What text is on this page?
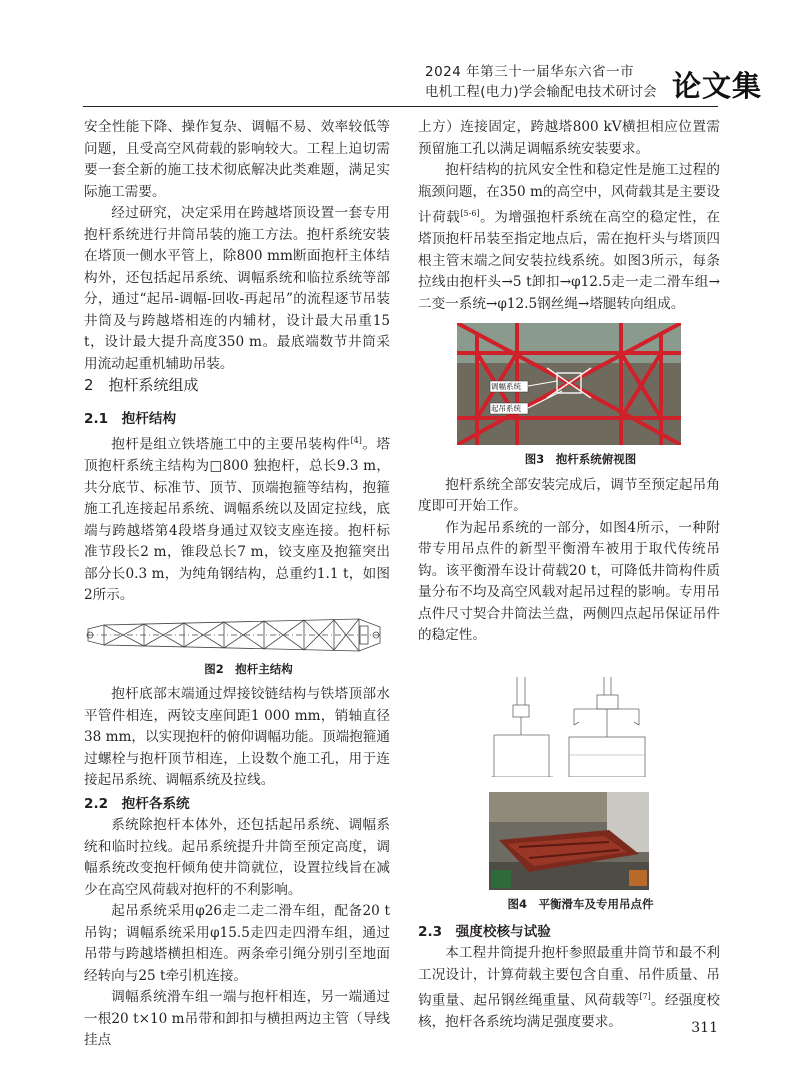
2024 年第三十一届华东六省一市
电机工程(电力)学会输配电技术研讨会 论文集

安全性能下降、操作复杂、调幅不易、效率较低等问题，且受高空风荷载的影响较大。工程上迫切需要一套全新的施工技术彻底解决此类难题，满足实际施工需要。

经过研究，决定采用在跨越塔顶设置一套专用抱杆系统进行井筒吊装的施工方法。抱杆系统安装在塔顶一侧水平管上，除800 mm断面抱杆主体结构外，还包括起吊系统、调幅系统和临拉系统等部分，通过“起吊-调幅-回收-再起吊”的流程逐节吊装井筒及与跨越塔相连的内辅材，设计最大吊重15 t，设计最大提升高度350 m。最底端数节井筒采用流动起重机辅助吊装。

2　抱杆系统组成

2.1　抱杆结构

抱杆是组立铁塔施工中的主要吊装构件[4]。塔顶抱杆系统主结构为□800 独抱杆，总长9.3 m，共分底节、标准节、顶节、顶端抱箍等结构，抱箍施工孔连接起吊系统、调幅系统以及固定拉线，底端与跨越塔第4段塔身通过双铰支座连接。抱杆标准节段长2 m，锥段总长7 m，铰支座及抱箍突出部分长0.3 m，为纯角钢结构，总重约1.1 t，如图2所示。

图2　抱杆主结构

抱杆底部末端通过焊接铰链结构与铁塔顶部水平管件相连，两铰支座间距1 000 mm，销轴直径38 mm，以实现抱杆的俯仰调幅功能。顶端抱箍通过螺栓与抱杆顶节相连，上设数个施工孔，用于连接起吊系统、调幅系统及拉线。

2.2　抱杆各系统

系统除抱杆本体外，还包括起吊系统、调幅系统和临时拉线。起吊系统提升井筒至预定高度，调幅系统改变抱杆倾角使井筒就位，设置拉线旨在减少在高空风荷载对抱杆的不利影响。

起吊系统采用φ26走二走二滑车组，配备20 t吊钩；调幅系统采用φ15.5走四走四滑车组，通过吊带与跨越塔横担相连。两条牵引绳分别引至地面经转向与25 t牵引机连接。

调幅系统滑车组一端与抱杆相连，另一端通过一根20 t×10 m吊带和卸扣与横担两边主管（导线挂点

上方）连接固定，跨越塔800 kV横担相应位置需预留施工孔以满足调幅系统安装要求。

抱杆结构的抗风安全性和稳定性是施工过程的瓶颈问题，在350 m的高空中，风荷载其是主要设计荷载[5-6]。为增强抱杆系统在高空的稳定性，在塔顶抱杆吊装至指定地点后，需在抱杆头与塔顶四根主管末端之间安装拉线系统。如图3所示，每条拉线由抱杆头→5 t卸扣→φ12.5走一走二滑车组→二变一系统→φ12.5钢丝绳→塔腿转向组成。

调幅系统
起吊系统

图3　抱杆系统俯视图

抱杆系统全部安装完成后，调节至预定起吊角度即可开始工作。

作为起吊系统的一部分，如图4所示，一种附带专用吊点件的新型平衡滑车被用于取代传统吊钩。该平衡滑车设计荷载20 t，可降低井筒构件质量分布不均及高空风载对起吊过程的影响。专用吊点件尺寸契合井筒法兰盘，两侧四点起吊保证吊件的稳定性。

图4　平衡滑车及专用吊点件

2.3　强度校核与试验

本工程井筒提升抱杆参照最重井筒节和最不利工况设计，计算荷载主要包含自重、吊件质量、吊钩重量、起吊钢丝绳重量、风荷载等[7]。经强度校核，抱杆各系统均满足强度要求。	311
